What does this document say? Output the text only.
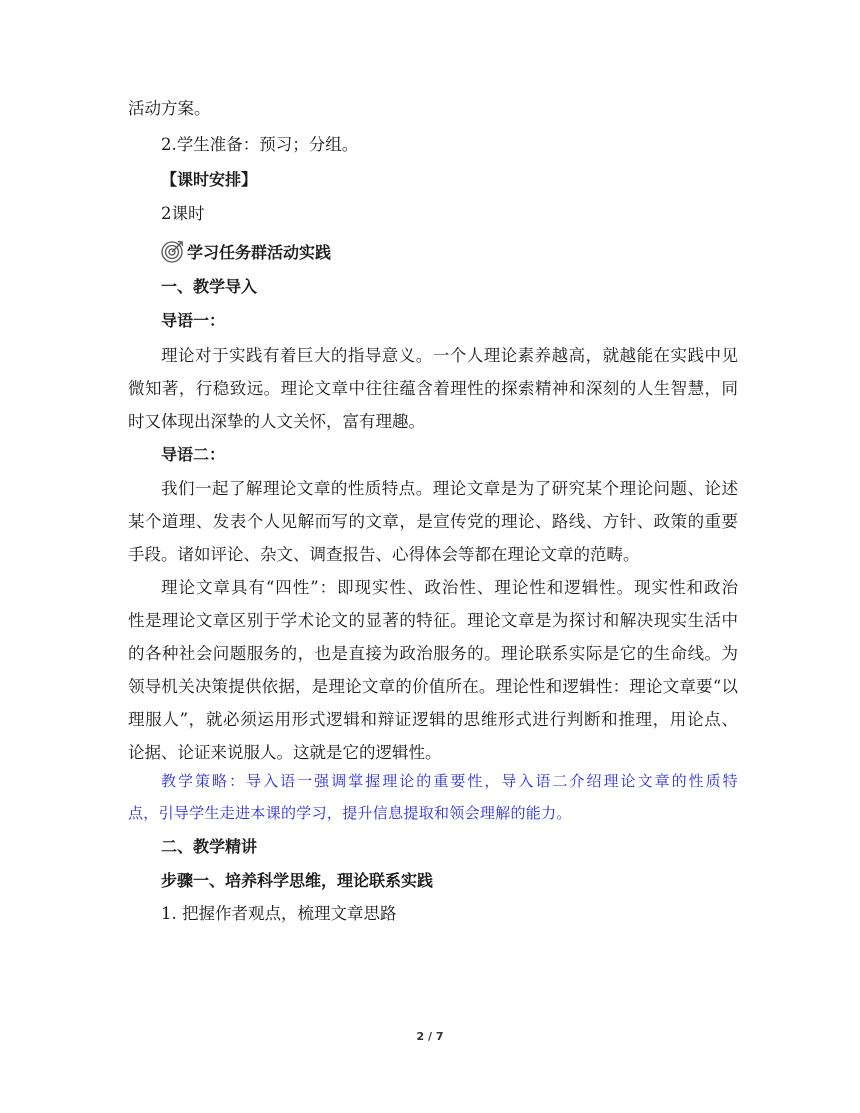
活动方案。
2.学生准备：预习；分组。
【课时安排】
2课时
学习任务群活动实践
一、教学导入
导语一：
理论对于实践有着巨大的指导意义。一个人理论素养越高，就越能在实践中见
微知著，行稳致远。理论文章中往往蕴含着理性的探索精神和深刻的人生智慧，同
时又体现出深挚的人文关怀，富有理趣。
导语二：
我们一起了解理论文章的性质特点。理论文章是为了研究某个理论问题、论述
某个道理、发表个人见解而写的文章，是宣传党的理论、路线、方针、政策的重要
手段。诸如评论、杂文、调查报告、心得体会等都在理论文章的范畴。
理论文章具有“四性”：即现实性、政治性、理论性和逻辑性。现实性和政治
性是理论文章区别于学术论文的显著的特征。理论文章是为探讨和解决现实生活中
的各种社会问题服务的，也是直接为政治服务的。理论联系实际是它的生命线。为
领导机关决策提供依据，是理论文章的价值所在。理论性和逻辑性：理论文章要“以
理服人”，就必须运用形式逻辑和辩证逻辑的思维形式进行判断和推理，用论点、
论据、论证来说服人。这就是它的逻辑性。
教学策略：导入语一强调掌握理论的重要性，导入语二介绍理论文章的性质特
点，引导学生走进本课的学习，提升信息提取和领会理解的能力。
二、教学精讲
步骤一、培养科学思维，理论联系实践
1. 把握作者观点，梳理文章思路
2 / 7
